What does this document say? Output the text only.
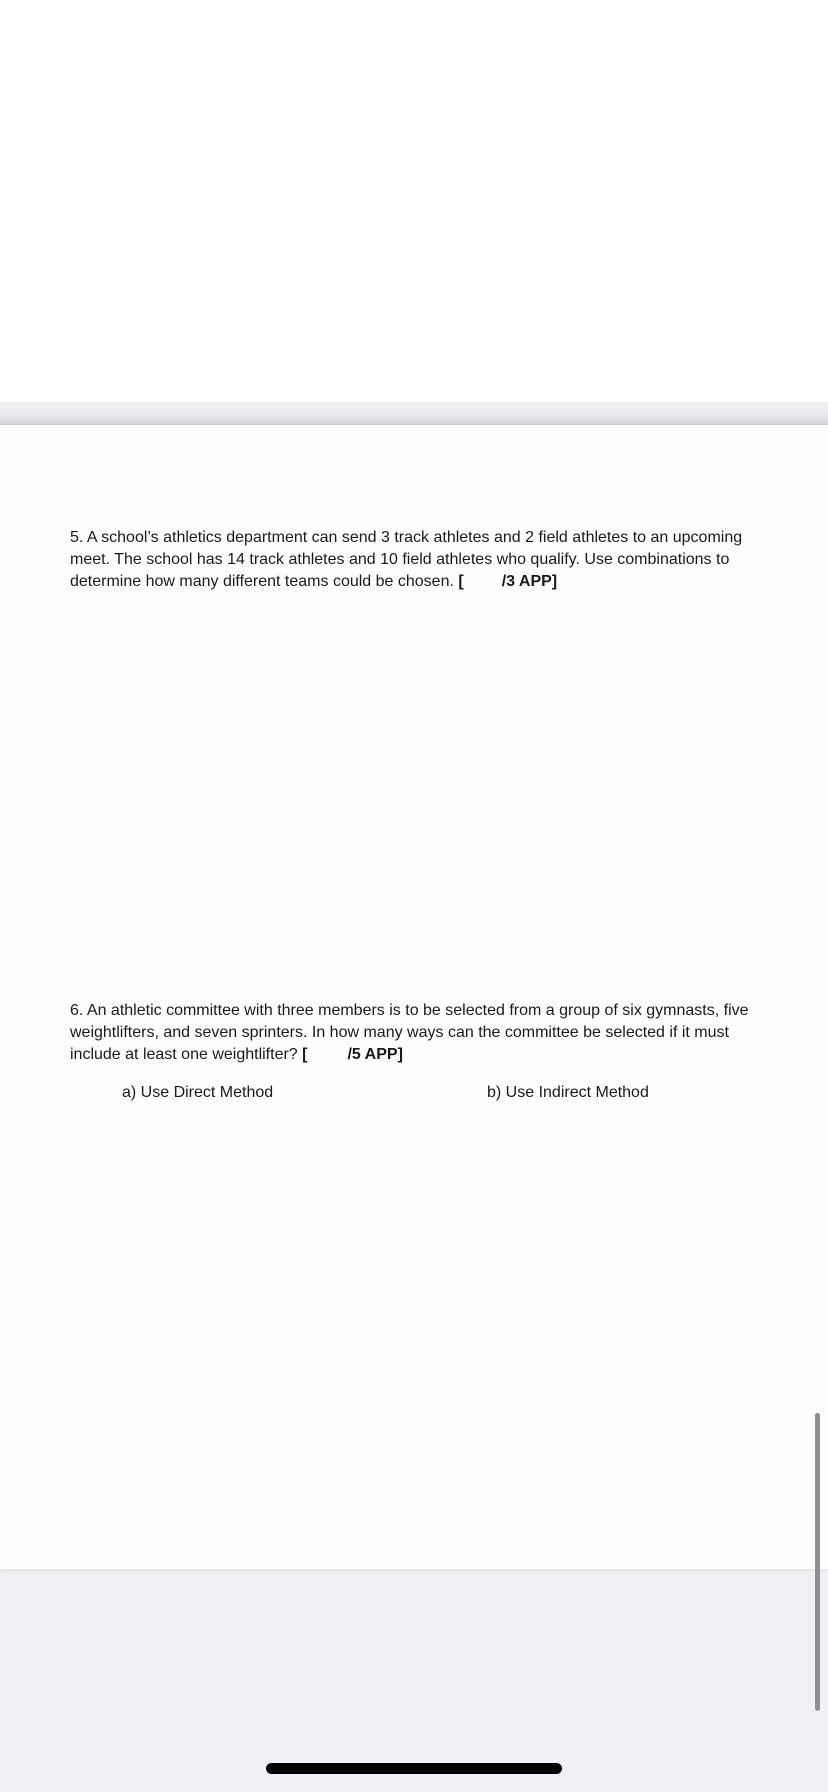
5. A school’s athletics department can send 3 track athletes and 2 field athletes to an upcoming meet. The school has 14 track athletes and 10 field athletes who qualify. Use combinations to determine how many different teams could be chosen. [ /3 APP]

6. An athletic committee with three members is to be selected from a group of six gymnasts, five weightlifters, and seven sprinters. In how many ways can the committee be selected if it must include at least one weightlifter? [	/5 APP]

a) Use Direct Method	b) Use Indirect Method
